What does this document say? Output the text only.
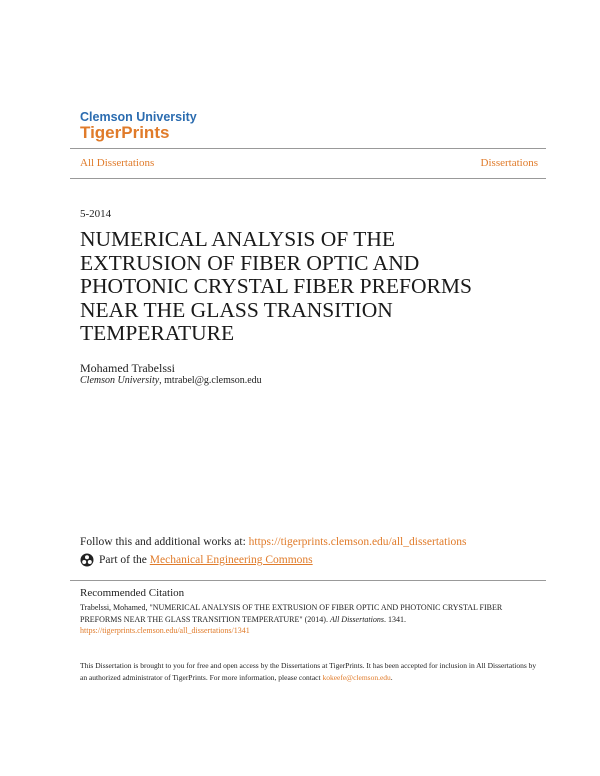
Clemson University
TigerPrints
All Dissertations	Dissertations
5-2014
NUMERICAL ANALYSIS OF THE EXTRUSION OF FIBER OPTIC AND PHOTONIC CRYSTAL FIBER PREFORMS NEAR THE GLASS TRANSITION TEMPERATURE
Mohamed Trabelssi
Clemson University, mtrabel@g.clemson.edu
Follow this and additional works at: https://tigerprints.clemson.edu/all_dissertations
Part of the
Mechanical Engineering Commons
Recommended Citation
Trabelssi, Mohamed, "NUMERICAL ANALYSIS OF THE EXTRUSION OF FIBER OPTIC AND PHOTONIC CRYSTAL FIBER PREFORMS NEAR THE GLASS TRANSITION TEMPERATURE" (2014). All Dissertations. 1341.
https://tigerprints.clemson.edu/all_dissertations/1341
This Dissertation is brought to you for free and open access by the Dissertations at TigerPrints. It has been accepted for inclusion in All Dissertations by an authorized administrator of TigerPrints. For more information, please contact kokeefe@clemson.edu.
